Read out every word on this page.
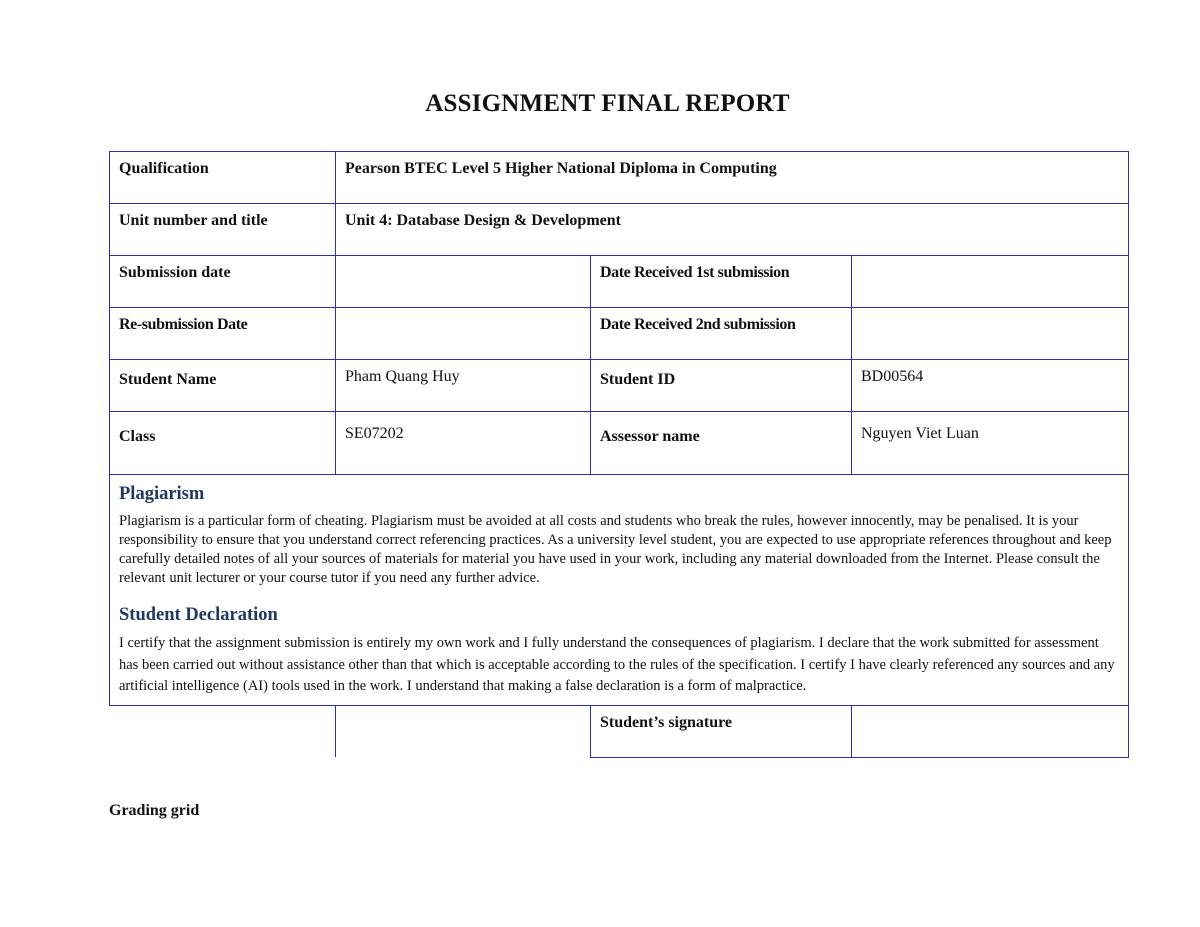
ASSIGNMENT FINAL REPORT
Qualification	Pearson BTEC Level 5 Higher National Diploma in Computing		
Unit number and title	Unit 4: Database Design & Development		
Submission date		Date Received 1st submission	
Re-submission Date		Date Received 2nd submission	
Student Name	Pham Quang Huy	Student ID	BD00564
Class	SE07202	Assessor name	Nguyen Viet Luan

Plagiarism

Plagiarism is a particular form of cheating. Plagiarism must be avoided at all costs and students who break the rules, however innocently, may be penalised. It is your responsibility to ensure that you understand correct referencing practices. As a university level student, you are expected to use appropriate references throughout and keep carefully detailed notes of all your sources of materials for material you have used in your work, including any material downloaded from the Internet. Please consult the relevant unit lecturer or your course tutor if you need any further advice.

Student Declaration

I certify that the assignment submission is entirely my own work and I fully understand the consequences of plagiarism. I declare that the work submitted for assessment has been carried out without assistance other than that which is acceptable according to the rules of the specification. I certify I have clearly referenced any sources and any artificial intelligence (AI) tools used in the work. I understand that making a false declaration is a form of malpractice.			

		Student’s signature	
Grading grid
